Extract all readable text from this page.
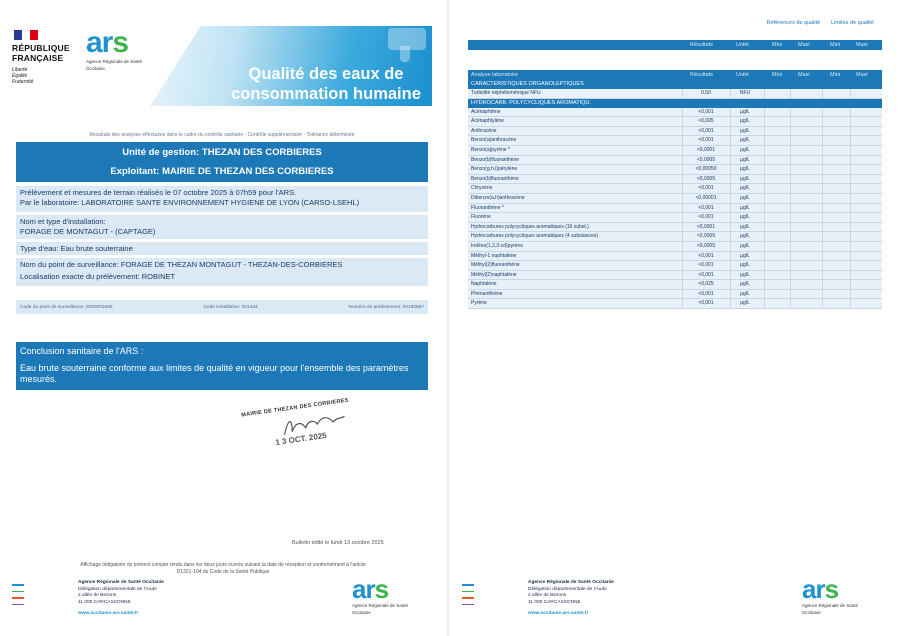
Qualité des eaux de
consommation humaine
RÉPUBLIQUE
FRANÇAISE
Liberté
Égalité
Fraternité
ars
Agence Régionale de Santé
Occitanie
Résultats des analyses effectuées dans le cadre du contrôle sanitaire - Contrôle supplémentaire - Tolérance déterminée
Unité de gestion: THEZAN DES CORBIERES
Exploitant: MAIRIE DE THEZAN DES CORBIERES
Prélèvement et mesures de terrain réalisés le 07 octobre 2025 à 07h59 pour l'ARS.
Par le laboratoire: LABORATOIRE SANTE ENVIRONNEMENT HYGIENE DE LYON (CARSO-LSEHL)
Nom et type d'installation:
FORAGE DE MONTAGUT - (CAPTAGE)
Type d'eau: Eau brute souterraine
Nom du point de surveillance: FORAGE DE THEZAN MONTAGUT - THEZAN-DES-CORBIERES
Localisation exacte du prélèvement: ROBINET
Code du point de surveillance: 0000001565	Code installation: 001434	Numéro de prélèvement: 00180867
Conclusion sanitaire de l'ARS :
Eau brute souterraine conforme aux limites de qualité en vigueur pour l'ensemble des paramètres mesurés.
MAIRIE DE THEZAN DES CORBIERES
1 3 OCT. 2025
Bulletin édité le lundi 13 octobre 2025
Affichage obligatoire du présent compte rendu dans les deux jours ouvrés suivant la date de réception et conformément à l'article
D1321-104 du Code de la Santé Publique
Agence Régionale de Santé Occitanie
Délégation départementale de l'Aude
2 allée de Bezons
11 000 CARCASSONNE
www.occitanie.ars.sante.fr
ars
Agence Régionale de Santé
Occitanie
Références de qualité	Limites de qualité
Résultats	Unité	Mini	Maxi	Mini	Maxi
Analyse laboratoire	Résultats	Unité	Mini	Maxi	Mini	Maxi
CARACTERISTIQUES ORGANOLEPTIQUES
Turbidité néphélométrique NFU	0,50	NFU
HYDROCARB. POLYCYCLIQUES AROMATIQU.
Acénaphtène	<0,001	µg/L
Acénaphtylène	<0,005	µg/L
Anthracène	<0,001	µg/L
Benzo(a)anthracène	<0,001	µg/L
Benzo(a)pyrène *	<0,0001	µg/L
Benzo(b)fluoranthène	<0,0005	µg/L
Benzo(g,h,i)pérylène	<0,00050	µg/L
Benzo(k)fluoranthène	<0,0005	µg/L
Chrysène	<0,001	µg/L
Dibenzo(a,h)anthracène	<0,00001	µg/L
Fluoranthène *	<0,001	µg/L
Fluorène	<0,001	µg/L
Hydrocarbures polycycliques aromatiques (16 subst.)	<0,0001	µg/L
Hydrocarbures polycycliques aromatiques (4 substances)	<0,0005	µg/L
Indéno(1,2,3-cd)pyrène	<0,0005	µg/L
Méthyl-1 naphtalène	<0,001	µg/L
Méthyl(2)fluoranthène	<0,001	µg/L
Méthyl(2)naphtalène	<0,001	µg/L
Naphtalène	<0,025	µg/L
Phénanthrène	<0,001	µg/L
Pyrène	<0,001	µg/L
Agence Régionale de Santé Occitanie
Délégation départementale de l'Aude
2 allée de Bezons
11 000 CARCASSONNE
www.occitanie.ars.sante.fr
ars
Agence Régionale de Santé
Occitanie
